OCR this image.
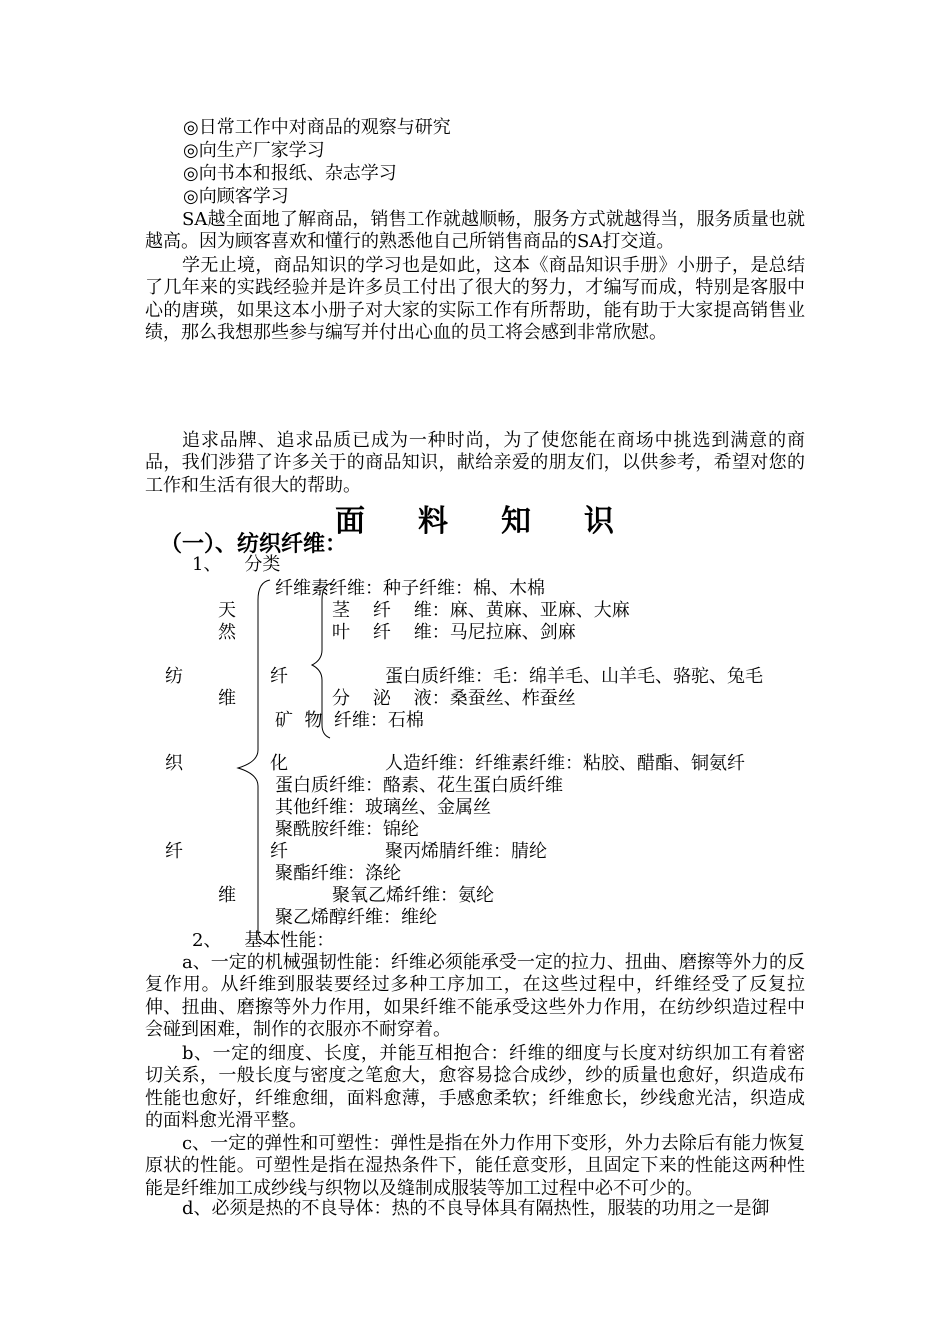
◎日常工作中对商品的观察与研究
◎向生产厂家学习
◎向书本和报纸、杂志学习
◎向顾客学习
SA越全面地了解商品，销售工作就越顺畅，服务方式就越得当，服务质量也就越高。因为顾客喜欢和懂行的熟悉他自己所销售商品的SA打交道。
学无止境，商品知识的学习也是如此，这本《商品知识手册》小册子，是总结了几年来的实践经验并是许多员工付出了很大的努力，才编写而成，特别是客服中心的唐瑛，如果这本小册子对大家的实际工作有所帮助，能有助于大家提高销售业绩，那么我想那些参与编写并付出心血的员工将会感到非常欣慰。
追求品牌、追求品质已成为一种时尚，为了使您能在商场中挑选到满意的商品，我们涉猎了许多关于的商品知识，献给亲爱的朋友们，以供参考，希望对您的工作和生活有很大的帮助。
面 料 知 识
（一）、纺织纤维：
1、    分类
纤维素纤维：种子纤维：棉、木棉
天	茎    纤    维：麻、黄麻、亚麻、大麻
然	叶    纤    维：马尼拉麻、剑麻
纺	纤	蛋白质纤维：毛：绵羊毛、山羊毛、骆驼、兔毛
维	分    泌    液：桑蚕丝、柞蚕丝
矿  物  纤维：石棉
织	化	人造纤维：纤维素纤维：粘胶、醋酯、铜氨纤
蛋白质纤维：酪素、花生蛋白质纤维
其他纤维：玻璃丝、金属丝
聚酰胺纤维：锦纶
纤	纤	聚丙烯腈纤维：腈纶
聚酯纤维：涤纶
维	聚氧乙烯纤维：氨纶
聚乙烯醇纤维：维纶
2、    基本性能：
a、一定的机械强韧性能：纤维必须能承受一定的拉力、扭曲、磨擦等外力的反复作用。从纤维到服装要经过多种工序加工，在这些过程中，纤维经受了反复拉伸、扭曲、磨擦等外力作用，如果纤维不能承受这些外力作用，在纺纱织造过程中会碰到困难，制作的衣服亦不耐穿着。
b、一定的细度、长度，并能互相抱合：纤维的细度与长度对纺织加工有着密切关系，一般长度与密度之笔愈大，愈容易捻合成纱，纱的质量也愈好，织造成布性能也愈好，纤维愈细，面料愈薄，手感愈柔软；纤维愈长，纱线愈光洁，织造成的面料愈光滑平整。
c、一定的弹性和可塑性：弹性是指在外力作用下变形，外力去除后有能力恢复原状的性能。可塑性是指在湿热条件下，能任意变形，且固定下来的性能这两种性能是纤维加工成纱线与织物以及缝制成服装等加工过程中必不可少的。
d、必须是热的不良导体：热的不良导体具有隔热性，服装的功用之一是御
